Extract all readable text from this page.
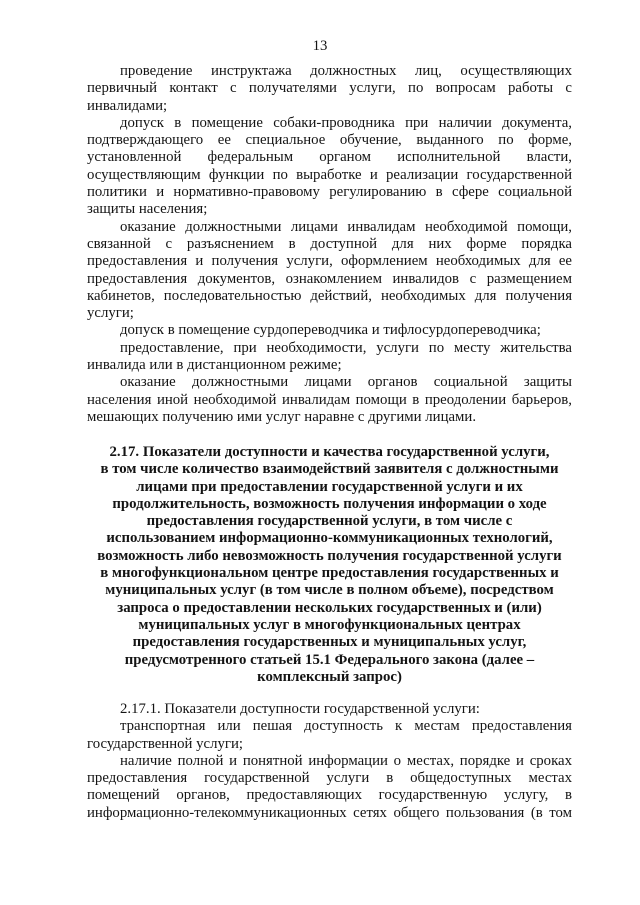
13
проведение инструктажа должностных лиц, осуществляющих
первичный контакт с получателями услуги, по вопросам работы с
инвалидами;
допуск в помещение собаки-проводника при наличии документа,
подтверждающего ее специальное обучение, выданного по форме,
установленной федеральным органом исполнительной власти,
осуществляющим функции по выработке и реализации государственной
политики и нормативно-правовому регулированию в сфере социальной
защиты населения;
оказание должностными лицами инвалидам необходимой помощи,
связанной с разъяснением в доступной для них форме порядка
предоставления и получения услуги, оформлением необходимых для ее
предоставления документов, ознакомлением инвалидов с размещением
кабинетов, последовательностью действий, необходимых для получения
услуги;
допуск в помещение сурдопереводчика и тифлосурдопереводчика;
предоставление, при необходимости, услуги по месту жительства
инвалида или в дистанционном режиме;
оказание должностными лицами органов социальной защиты
населения иной необходимой инвалидам помощи в преодолении барьеров,
мешающих получению ими услуг наравне с другими лицами.
2.17. Показатели доступности и качества государственной услуги,
в том числе количество взаимодействий заявителя с должностными
лицами при предоставлении государственной услуги и их
продолжительность, возможность получения информации о ходе
предоставления государственной услуги, в том числе с
использованием информационно-коммуникационных технологий,
возможность либо невозможность получения государственной услуги
в многофункциональном центре предоставления государственных и
муниципальных услуг (в том числе в полном объеме), посредством
запроса о предоставлении нескольких государственных и (или)
муниципальных услуг в многофункциональных центрах
предоставления государственных и муниципальных услуг,
предусмотренного статьей 15.1 Федерального закона (далее –
комплексный запрос)
2.17.1. Показатели доступности государственной услуги:
транспортная или пешая доступность к местам предоставления
государственной услуги;
наличие полной и понятной информации о местах, порядке и сроках
предоставления государственной услуги в общедоступных местах
помещений органов, предоставляющих государственную услугу, в
информационно-телекоммуникационных сетях общего пользования (в том
